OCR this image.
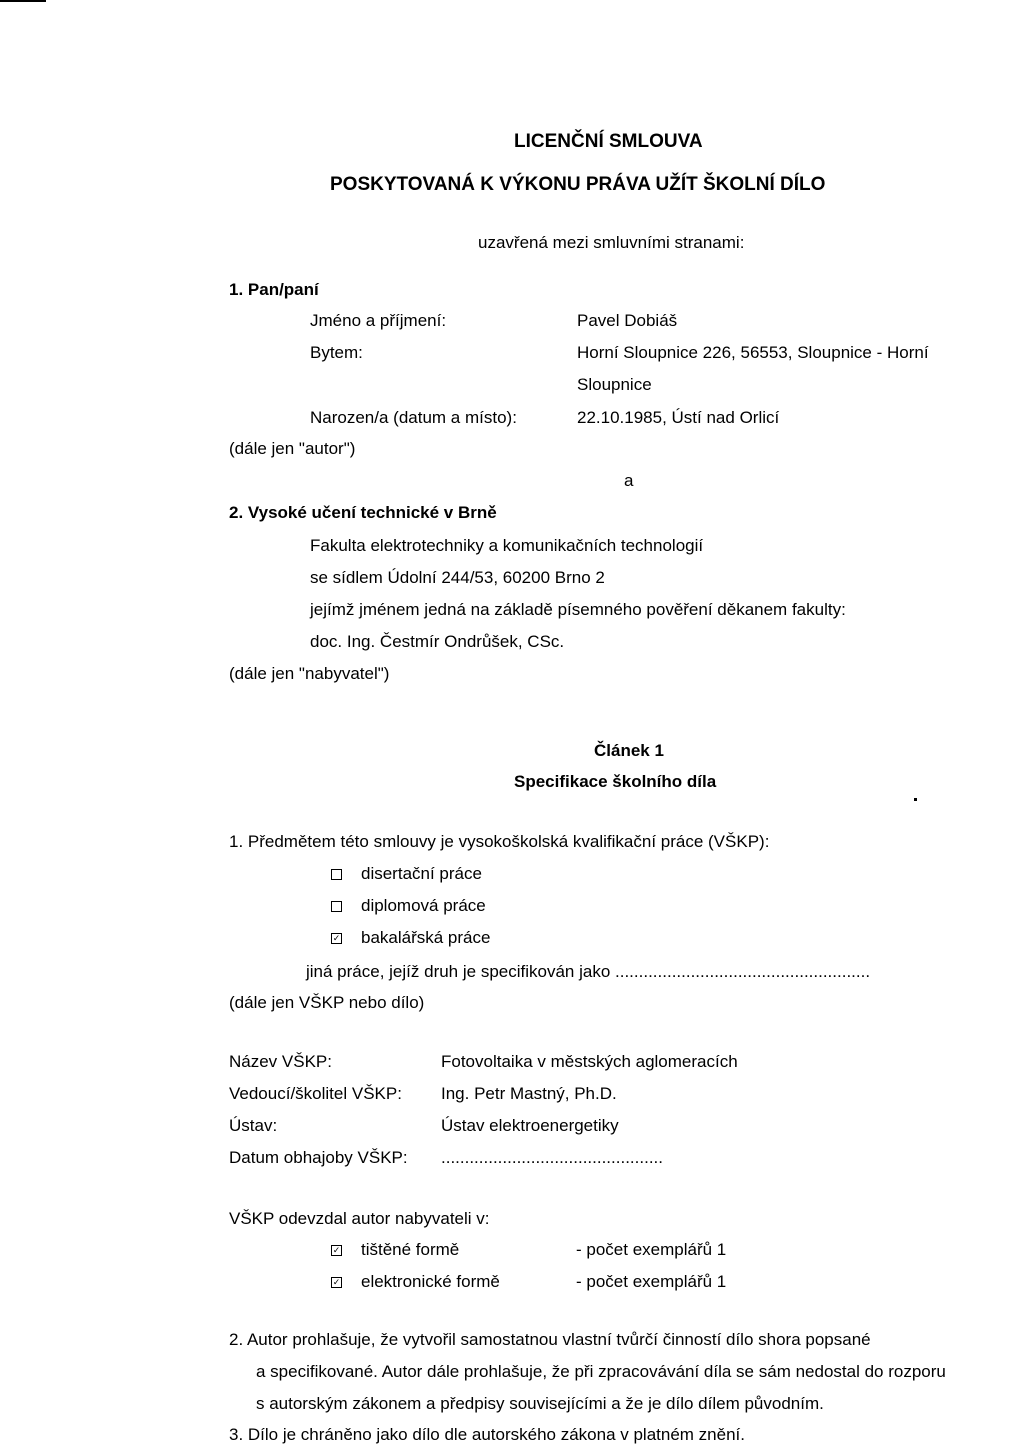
LICENČNÍ SMLOUVA
POSKYTOVANÁ K VÝKONU PRÁVA UŽÍT ŠKOLNÍ DÍLO
uzavřená mezi smluvními stranami:
1. Pan/paní
Jméno a příjmení:	Pavel Dobiáš
Bytem:	Horní Sloupnice 226, 56553, Sloupnice - Horní
Sloupnice
Narozen/a (datum a místo):	22.10.1985, Ústí nad Orlicí
(dále jen "autor")
a
2. Vysoké učení technické v Brně
Fakulta elektrotechniky a komunikačních technologií
se sídlem Údolní 244/53, 60200 Brno 2
jejímž jménem jedná na základě písemného pověření děkanem fakulty:
doc. Ing. Čestmír Ondrůšek, CSc.
(dále jen "nabyvatel")
Článek 1
Specifikace školního díla
1. Předmětem této smlouvy je vysokoškolská kvalifikační práce (VŠKP):
disertační práce
diplomová práce
✓ bakalářská práce
jiná práce, jejíž druh je specifikován jako ......................................................
(dále jen VŠKP nebo dílo)
Název VŠKP:	Fotovoltaika v městských aglomeracích
Vedoucí/školitel VŠKP: Ing. Petr Mastný, Ph.D.
Ústav:	Ústav elektroenergetiky
Datum obhajoby VŠKP: ...............................................
VŠKP odevzdal autor nabyvateli v:
✓ tištěné formě	- počet exemplářů 1
✓ elektronické formě	- počet exemplářů 1
2. Autor prohlašuje, že vytvořil samostatnou vlastní tvůrčí činností dílo shora popsané
a specifikované. Autor dále prohlašuje, že při zpracovávání díla se sám nedostal do rozporu
s autorským zákonem a předpisy souvisejícími a že je dílo dílem původním.
3. Dílo je chráněno jako dílo dle autorského zákona v platném znění.
